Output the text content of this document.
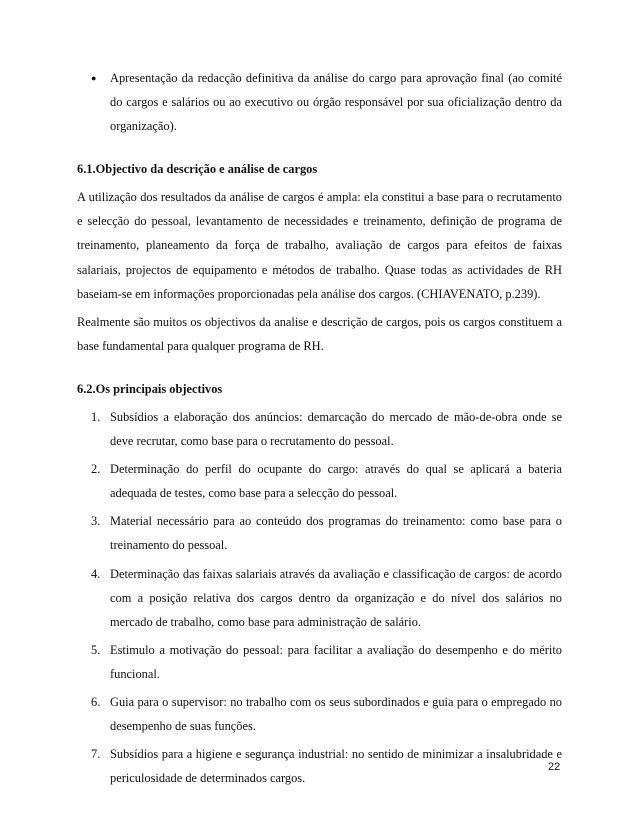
● Apresentação da redacção definitiva da análise do cargo para aprovação final (ao comité do cargos e salários ou ao executivo ou órgão responsável por sua oficialização dentro da organização).
6.1.Objectivo da descrição e análise de cargos

A utilização dos resultados da análise de cargos é ampla: ela constitui a base para o recrutamento e selecção do pessoal, levantamento de necessidades e treinamento, definição de programa de treinamento, planeamento da força de trabalho, avaliação de cargos para efeitos de faixas salariais, projectos de equipamento e métodos de trabalho. Quase todas as actividades de RH baseiam-se em informações proporcionadas pela análise dos cargos. (CHIAVENATO, p.239).

Realmente são muitos os objectivos da analise e descrição de cargos, pois os cargos constituem a base fundamental para qualquer programa de RH.

6.2.Os principais objectivos
1. Subsídios a elaboração dos anúncios: demarcação do mercado de mão-de-obra onde se deve recrutar, como base para o recrutamento do pessoal.
2. Determinação do perfil do ocupante do cargo: através do qual se aplicará a bateria adequada de testes, como base para a selecção do pessoal.
3. Material necessário para ao conteúdo dos programas do treinamento: como base para o treinamento do pessoal.
4. Determinação das faixas salariais através da avaliação e classificação de cargos: de acordo com a posição relativa dos cargos dentro da organização e do nível dos salários no mercado de trabalho, como base para administração de salário.
5. Estimulo a motivação do pessoal: para facilitar a avaliação do desempenho e do mérito funcional.
6. Guia para o supervisor: no trabalho com os seus subordinados e guia para o empregado no desempenho de suas funções.
7. Subsídios para a higiene e segurança industrial: no sentido de minimizar a insalubridade e periculosidade de determinados cargos.
22
